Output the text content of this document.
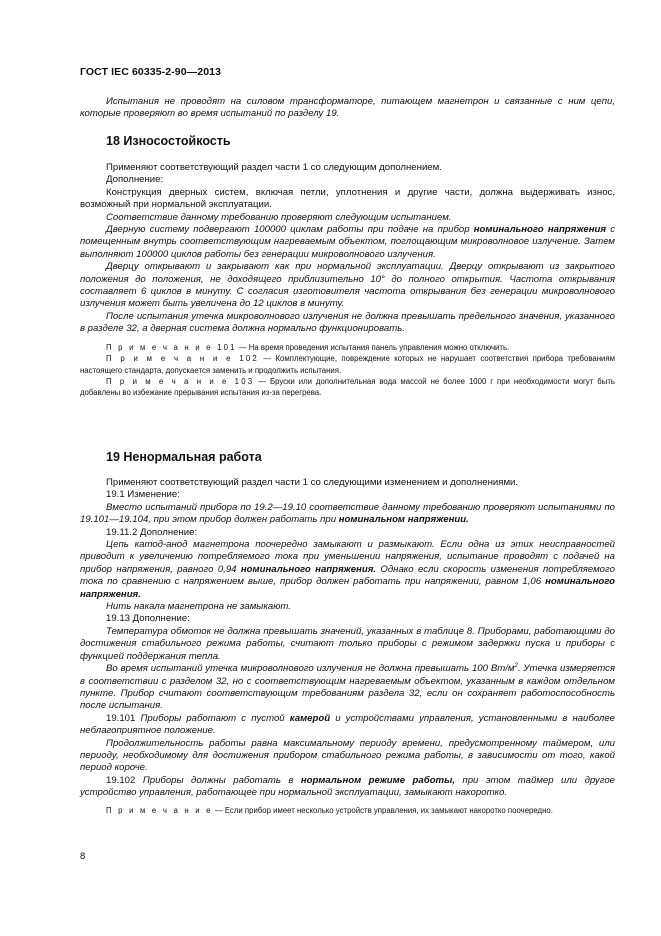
ГОСТ IEC 60335-2-90—2013

Испытания не проводят на силовом трансформаторе, питающем магнетрон и связанные с ним цепи, которые проверяют во время испытаний по разделу 19.

18 Износостойкость

Применяют соответствующий раздел части 1 со следующим дополнением.

Дополнение:

Конструкция дверных систем, включая петли, уплотнения и другие части, должна выдерживать износ, возможный при нормальной эксплуатации.

Соответствие данному требованию проверяют следующим испытанием.

Дверную систему подвергают 100000 циклам работы при подаче на прибор номинального напряжения с помещенным внутрь соответствующим нагреваемым объектом, поглощающим микроволновое излучение. Затем выполняют 100000 циклов работы без генерации микроволнового излучения.

Дверцу открывают и закрывают как при нормальной эксплуатации. Дверцу открывают из закрытого положения до положения, не доходящего приблизительно 10° до полного открытия. Частота открывания составляет 6 циклов в минуту. С согласия изготовителя частота открывания без генерации микроволнового излучения может быть увеличена до 12 циклов в минуту.

После испытания утечка микроволнового излучения не должна превышать предельного значения, указанного в разделе 32, а дверная система должна нормально функционировать.

П р и м е ч а н и е 101 — На время проведения испытания панель управления можно отключить.

П р и м е ч а н и е 102 — Комплектующие, повреждение которых не нарушает соответствия прибора требованиям настоящего стандарта, допускается заменить и продолжить испытания.

П р и м е ч а н и е 103 — Бруски или дополнительная вода массой не более 1000 г при необходимости могут быть добавлены во избежание прерывания испытания из-за перегрева.

19 Ненормальная работа

Применяют соответствующий раздел части 1 со следующими изменением и дополнениями.

19.1 Изменение:

Вместо испытаний прибора по 19.2—19.10 соответствие данному требованию проверяют испытаниями по 19.101—19.104, при этом прибор должен работать при номинальном напряжении.

19.11.2 Дополнение:

Цепь катод-анод магнетрона поочередно замыкают и размыкают. Если одна из этих неисправностей приводит к увеличению потребляемого тока при уменьшении напряжения, испытание проводят с подачей на прибор напряжения, равного 0,94 номинального напряжения. Однако если скорость изменения потребляемого тока по сравнению с напряжением выше, прибор должен работать при напряжении, равном 1,06 номинального напряжения.

Нить накала магнетрона не замыкают.

19.13 Дополнение:

Температура обмоток не должна превышать значений, указанных в таблице 8. Приборами, работающими до достижения стабильного режима работы, считают только приборы с режимом задержки пуска и приборы с функцией поддержания тепла.

Во время испытаний утечка микроволнового излучения не должна превышать 100 $Вт/м^2$. Утечка измеряется в соответствии с разделом 32, но с соответствующим нагреваемым объектом, указанным в каждом отдельном пункте. Прибор считают соответствующим требованиям раздела 32, если он сохраняет работоспособность после испытания.

19.101 Приборы работают с пустой камерой и устройствами управления, установленными в наиболее неблагоприятное положение.

Продолжительность работы равна максимальному периоду времени, предусмотренному таймером, или периоду, необходимому для достижения прибором стабильного режима работы, в зависимости от того, какой период короче.

19.102 Приборы должны работать в нормальном режиме работы, при этом таймер или другое устройство управления, работающее при нормальной эксплуатации, замыкают накоротко.

П р и м е ч а н и е — Если прибор имеет несколько устройств управления, их замыкают накоротко поочередно.

8
